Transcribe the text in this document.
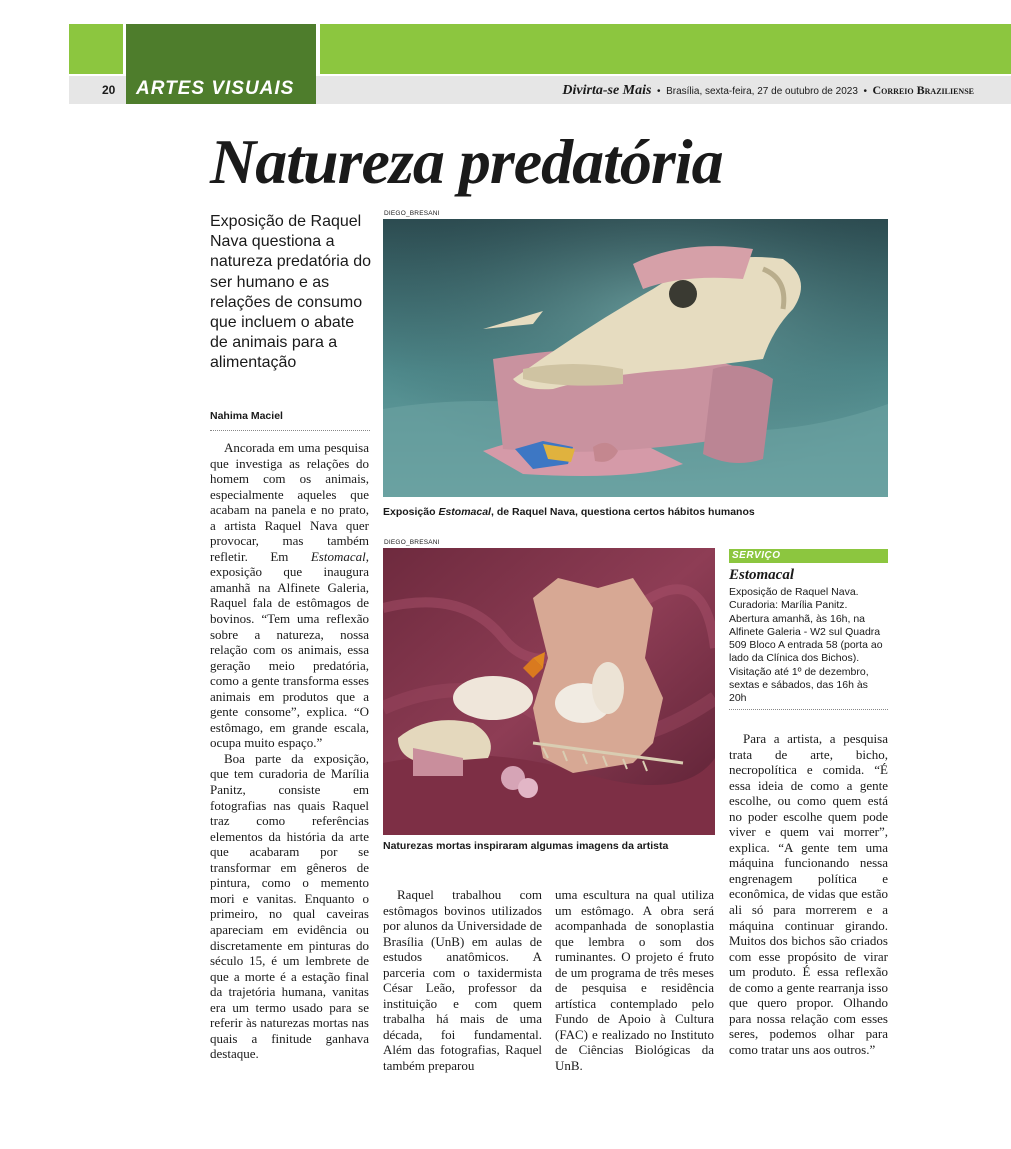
ARTES VISUAIS
20	Divirta-se Mais  •  Brasília, sexta-feira, 27 de outubro de 2023  •  Correio Braziliense
Natureza predatória
Exposição de Raquel Nava questiona a natureza predatória do ser humano e as relações de consumo que incluem o abate de animais para a alimentação
Nahima Maciel

Ancorada em uma pesquisa que investiga as relações do homem com os animais, especialmente aqueles que acabam na panela e no prato, a artista Raquel Nava quer provocar, mas também refletir. Em Estomacal, exposição que inaugura amanhã na Alfinete Galeria, Raquel fala de estômagos de bovinos. “Tem uma reflexão sobre a natureza, nossa relação com os animais, essa geração meio predatória, como a gente transforma esses animais em produtos que a gente consome”, explica. “O estômago, em grande escala, ocupa muito espaço.”

Boa parte da exposição, que tem curadoria de Marília Panitz, consiste em fotografias nas quais Raquel traz como referências elementos da história da arte que acabaram por se transformar em gêneros de pintura, como o memento mori e vanitas. Enquanto o primeiro, no qual caveiras apareciam em evidência ou discretamente em pinturas do século 15, é um lembrete de que a morte é a estação final da trajetória humana, vanitas era um termo usado para se referir às naturezas mortas nas quais a finitude ganhava destaque.

Raquel trabalhou com estômagos bovinos utilizados por alunos da Universidade de Brasília (UnB) em aulas de estudos anatômicos. A parceria com o taxidermista César Leão, professor da instituição e com quem trabalha há mais de uma década, foi fundamental. Além das fotografias, Raquel também preparou

uma escultura na qual utiliza um estômago. A obra será acompanhada de sonoplastia que lembra o som dos ruminantes. O projeto é fruto de um programa de três meses de pesquisa e residência artística contemplado pelo Fundo de Apoio à Cultura (FAC) e realizado no Instituto de Ciências Biológicas da UnB.

Para a artista, a pesquisa trata de arte, bicho, necropolítica e comida. “É essa ideia de como a gente escolhe, ou como quem está no poder escolhe quem pode viver e quem vai morrer”, explica. “A gente tem uma máquina funcionando nessa engrenagem política e econômica, de vidas que estão ali só para morrerem e a máquina continuar girando. Muitos dos bichos são criados com esse propósito de virar um produto. É essa reflexão de como a gente rearranja isso que quero propor. Olhando para nossa relação com esses seres, podemos olhar para como tratar uns aos outros.”

DIEGO_BRESANI
Exposição Estomacal, de Raquel Nava, questiona certos hábitos humanos
DIEGO_BRESANI
Naturezas mortas inspiraram algumas imagens da artista
SERVIÇO
Estomacal
Exposição de Raquel Nava. Curadoria: Marília Panitz. Abertura amanhã, às 16h, na Alfinete Galeria - W2 sul Quadra 509 Bloco A entrada 58 (porta ao lado da Clínica dos Bichos). Visitação até 1º de dezembro, sextas e sábados, das 16h às 20h
